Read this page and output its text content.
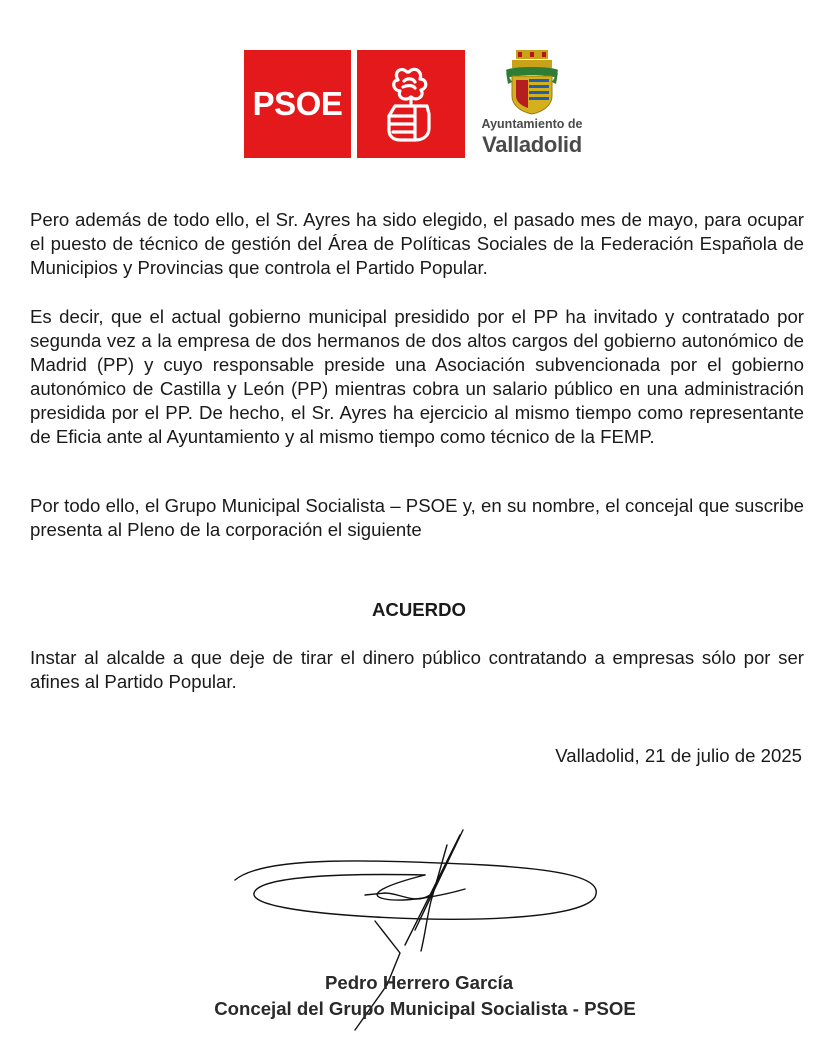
PSOE
Ayuntamiento de
Valladolid

Pero además de todo ello, el Sr. Ayres ha sido elegido, el pasado mes de mayo, para ocupar el puesto de técnico de gestión del Área de Políticas Sociales de la Federación Española de Municipios y Provincias que controla el Partido Popular.

Es decir, que el actual gobierno municipal presidido por el PP ha invitado y contratado por segunda vez a la empresa de dos hermanos de dos altos cargos del gobierno autonómico de Madrid (PP) y cuyo responsable preside una Asociación subvencionada por el gobierno autonómico de Castilla y León (PP) mientras cobra un salario público en una administración presidida por el PP. De hecho, el Sr. Ayres ha ejercicio al mismo tiempo como representante de Eficia ante al Ayuntamiento y al mismo tiempo como técnico de la FEMP.

Por todo ello, el Grupo Municipal Socialista – PSOE y, en su nombre, el concejal que suscribe presenta al Pleno de la corporación el siguiente

ACUERDO

Instar al alcalde a que deje de tirar el dinero público contratando a empresas sólo por ser afines al Partido Popular.

Valladolid, 21 de julio de 2025

Pedro Herrero García

Concejal del Grupo Municipal Socialista - PSOE
